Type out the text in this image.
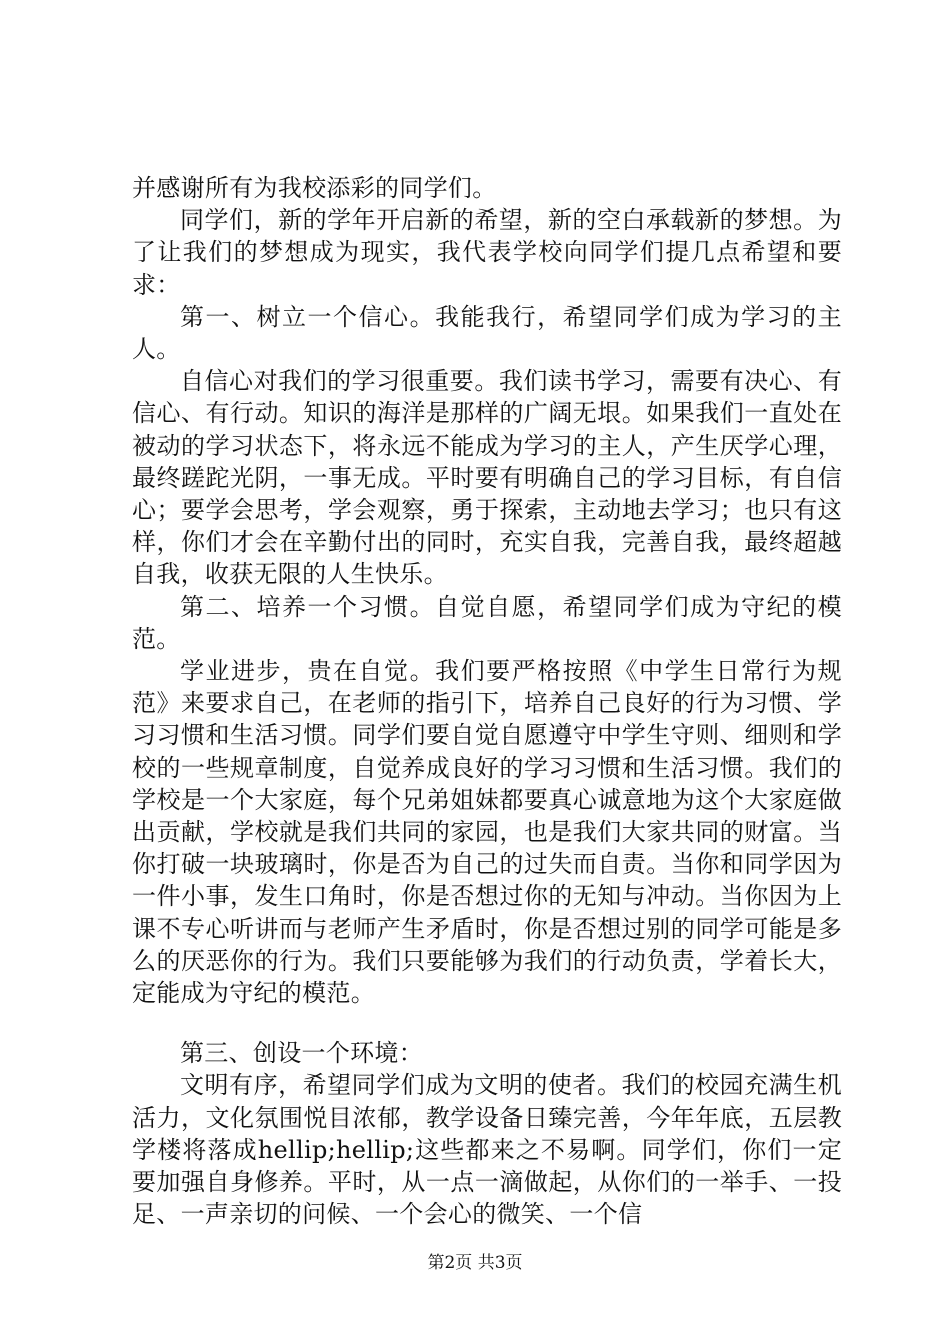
并感谢所有为我校添彩的同学们。

同学们，新的学年开启新的希望，新的空白承载新的梦想。为了让我们的梦想成为现实，我代表学校向同学们提几点希望和要求：

第一、树立一个信心。我能我行，希望同学们成为学习的主人。

自信心对我们的学习很重要。我们读书学习，需要有决心、有信心、有行动。知识的海洋是那样的广阔无垠。如果我们一直处在被动的学习状态下，将永远不能成为学习的主人，产生厌学心理，最终蹉跎光阴，一事无成。平时要有明确自己的学习目标，有自信心；要学会思考，学会观察，勇于探索，主动地去学习；也只有这样，你们才会在辛勤付出的同时，充实自我，完善自我，最终超越自我，收获无限的人生快乐。

第二、培养一个习惯。自觉自愿，希望同学们成为守纪的模范。

学业进步，贵在自觉。我们要严格按照《中学生日常行为规范》来要求自己，在老师的指引下，培养自己良好的行为习惯、学习习惯和生活习惯。同学们要自觉自愿遵守中学生守则、细则和学校的一些规章制度，自觉养成良好的学习习惯和生活习惯。我们的学校是一个大家庭，每个兄弟姐妹都要真心诚意地为这个大家庭做出贡献，学校就是我们共同的家园，也是我们大家共同的财富。当你打破一块玻璃时，你是否为自己的过失而自责。当你和同学因为一件小事，发生口角时，你是否想过你的无知与冲动。当你因为上课不专心听讲而与老师产生矛盾时，你是否想过别的同学可能是多么的厌恶你的行为。我们只要能够为我们的行动负责，学着长大，定能成为守纪的模范。

第三、创设一个环境：

文明有序，希望同学们成为文明的使者。我们的校园充满生机活力，文化氛围悦目浓郁，教学设备日臻完善，今年年底，五层教学楼将落成hellip;hellip;这些都来之不易啊。同学们，你们一定要加强自身修养。平时，从一点一滴做起，从你们的一举手、一投足、一声亲切的问候、一个会心的微笑、一个信

第2页 共3页
